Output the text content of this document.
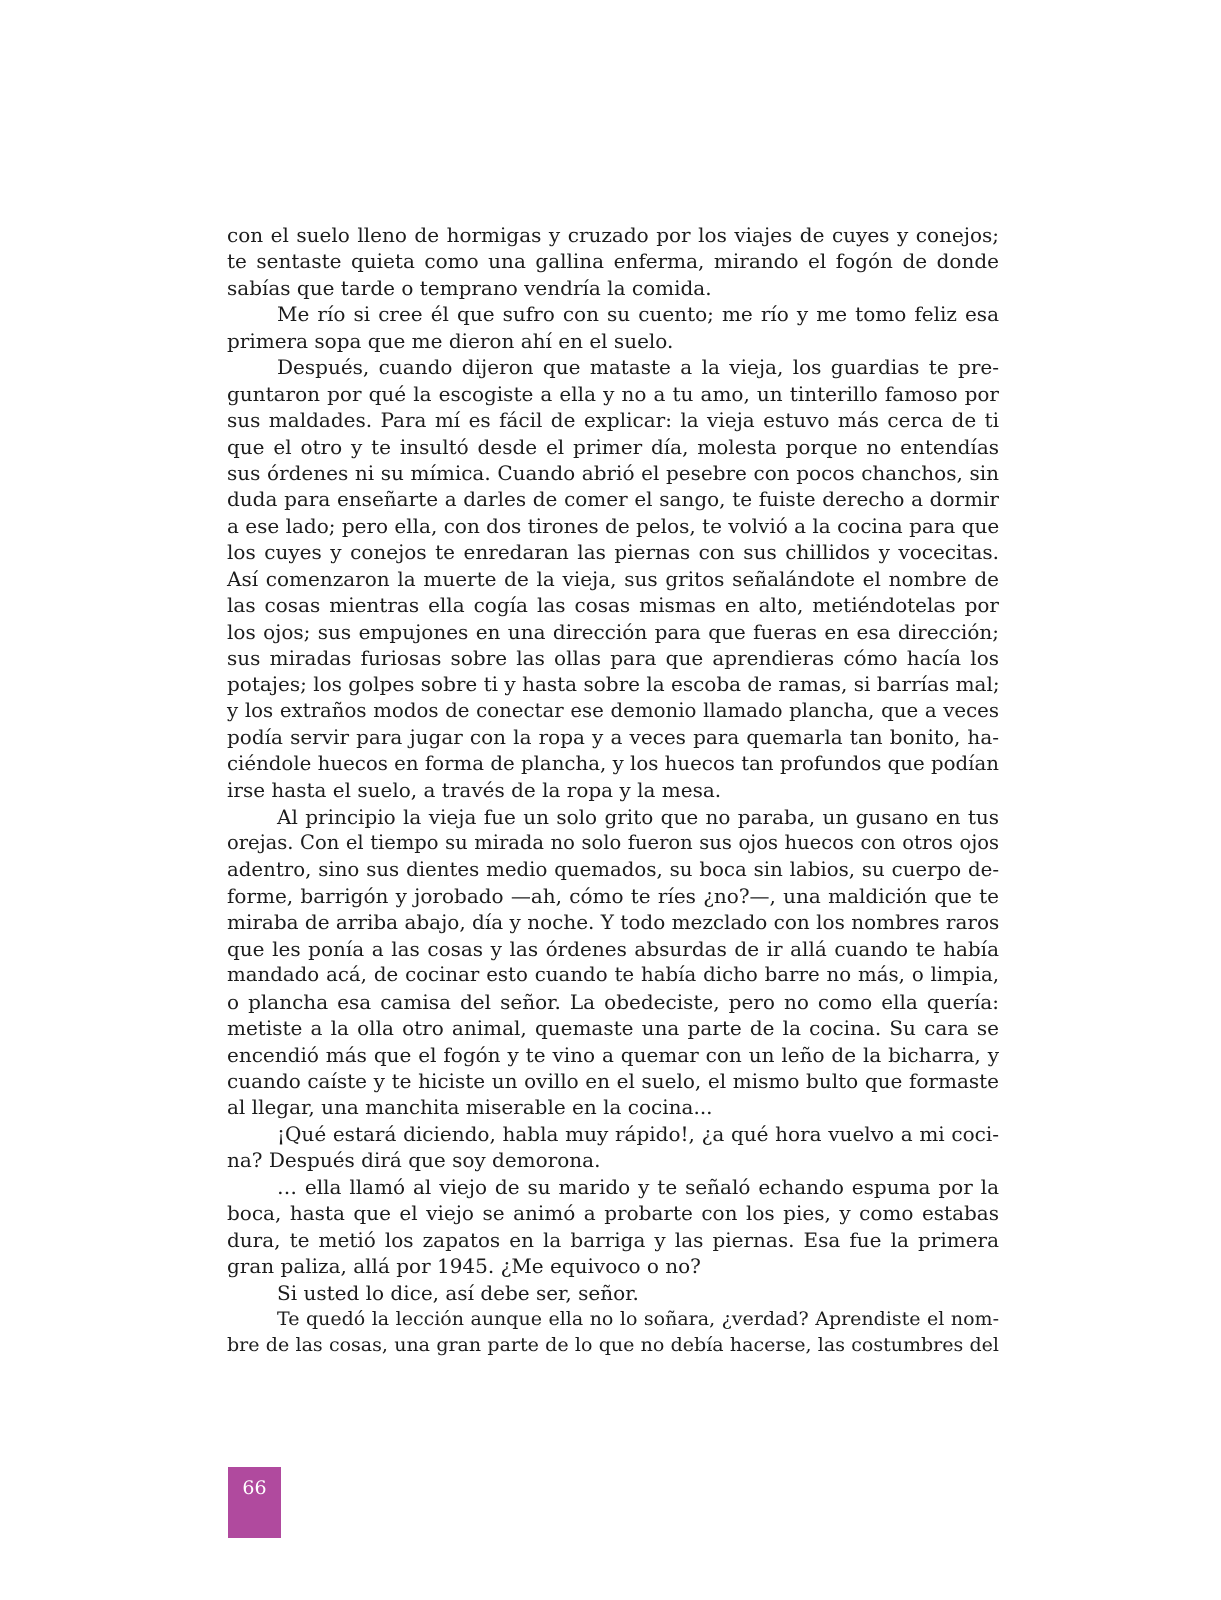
con el suelo lleno de hormigas y cruzado por los viajes de cuyes y conejos;
te sentaste quieta como una gallina enferma, mirando el fogón de donde
sabías que tarde o temprano vendría la comida.
Me río si cree él que sufro con su cuento; me río y me tomo feliz esa
primera sopa que me dieron ahí en el suelo.
Después, cuando dijeron que mataste a la vieja, los guardias te pre-
guntaron por qué la escogiste a ella y no a tu amo, un tinterillo famoso por
sus maldades. Para mí es fácil de explicar: la vieja estuvo más cerca de ti
que el otro y te insultó desde el primer día, molesta porque no entendías
sus órdenes ni su mímica. Cuando abrió el pesebre con pocos chanchos, sin
duda para enseñarte a darles de comer el sango, te fuiste derecho a dormir
a ese lado; pero ella, con dos tirones de pelos, te volvió a la cocina para que
los cuyes y conejos te enredaran las piernas con sus chillidos y vocecitas.
Así comenzaron la muerte de la vieja, sus gritos señalándote el nombre de
las cosas mientras ella cogía las cosas mismas en alto, metiéndotelas por
los ojos; sus empujones en una dirección para que fueras en esa dirección;
sus miradas furiosas sobre las ollas para que aprendieras cómo hacía los
potajes; los golpes sobre ti y hasta sobre la escoba de ramas, si barrías mal;
y los extraños modos de conectar ese demonio llamado plancha, que a veces
podía servir para jugar con la ropa y a veces para quemarla tan bonito, ha-
ciéndole huecos en forma de plancha, y los huecos tan profundos que podían
irse hasta el suelo, a través de la ropa y la mesa.
Al principio la vieja fue un solo grito que no paraba, un gusano en tus
orejas. Con el tiempo su mirada no solo fueron sus ojos huecos con otros ojos
adentro, sino sus dientes medio quemados, su boca sin labios, su cuerpo de-
forme, barrigón y jorobado —ah, cómo te ríes ¿no?—, una maldición que te
miraba de arriba abajo, día y noche. Y todo mezclado con los nombres raros
que les ponía a las cosas y las órdenes absurdas de ir allá cuando te había
mandado acá, de cocinar esto cuando te había dicho barre no más, o limpia,
o plancha esa camisa del señor. La obedeciste, pero no como ella quería:
metiste a la olla otro animal, quemaste una parte de la cocina. Su cara se
encendió más que el fogón y te vino a quemar con un leño de la bicharra, y
cuando caíste y te hiciste un ovillo en el suelo, el mismo bulto que formaste
al llegar, una manchita miserable en la cocina...
¡Qué estará diciendo, habla muy rápido!, ¿a qué hora vuelvo a mi coci-
na? Después dirá que soy demorona.
… ella llamó al viejo de su marido y te señaló echando espuma por la
boca, hasta que el viejo se animó a probarte con los pies, y como estabas
dura, te metió los zapatos en la barriga y las piernas. Esa fue la primera
gran paliza, allá por 1945. ¿Me equivoco o no?
Si usted lo dice, así debe ser, señor.
Te quedó la lección aunque ella no lo soñara, ¿verdad? Aprendiste el nom-
bre de las cosas, una gran parte de lo que no debía hacerse, las costumbres del
66
